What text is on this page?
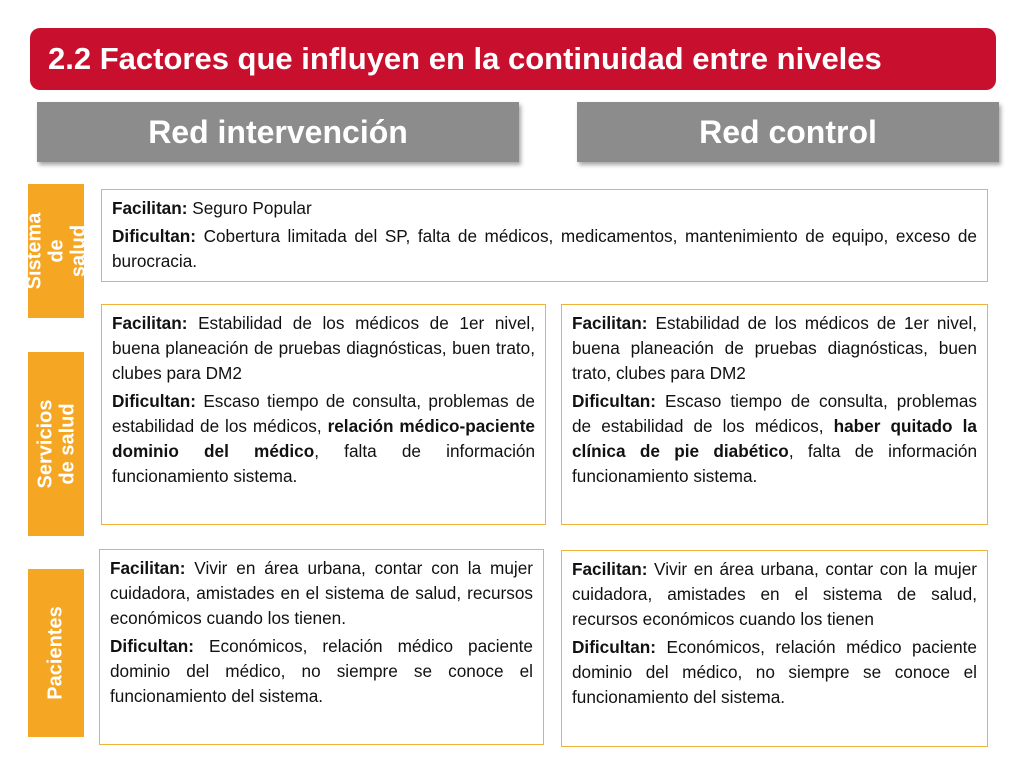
2.2 Factores que influyen en la continuidad entre niveles
Red intervención	Red control
Sistema de salud
Servicios de salud
Pacientes

Facilitan: Seguro Popular

Dificultan: Cobertura limitada del SP, falta de médicos, medicamentos, mantenimiento de equipo, exceso de burocracia.

Facilitan: Estabilidad de los médicos de 1er nivel, buena planeación de pruebas diagnósticas, buen trato, clubes para DM2

Dificultan: Escaso tiempo de consulta, problemas de estabilidad de los médicos, relación médico-paciente dominio del médico, falta de información funcionamiento sistema.

Facilitan: Estabilidad de los médicos de 1er nivel, buena planeación de pruebas diagnósticas, buen trato, clubes para DM2

Dificultan: Escaso tiempo de consulta, problemas de estabilidad de los médicos, haber quitado la clínica de pie diabético, falta de información funcionamiento sistema.

Facilitan: Vivir en área urbana, contar con la mujer cuidadora, amistades en el sistema de salud, recursos económicos cuando los tienen.

Dificultan: Económicos, relación médico paciente dominio del médico, no siempre se conoce el funcionamiento del sistema.

Facilitan: Vivir en área urbana, contar con la mujer cuidadora, amistades en el sistema de salud, recursos económicos cuando los tienen

Dificultan: Económicos, relación médico paciente dominio del médico, no siempre se conoce el funcionamiento del sistema.
